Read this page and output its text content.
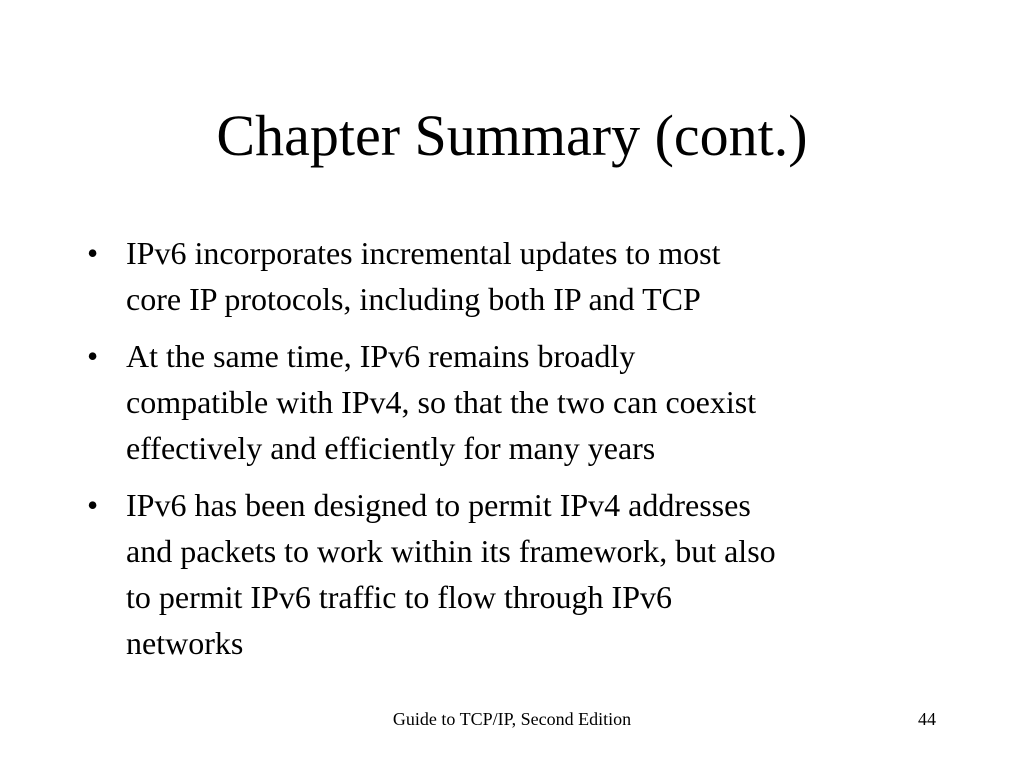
Chapter Summary (cont.)
• IPv6 incorporates incremental updates to most
core IP protocols, including both IP and TCP
• At the same time, IPv6 remains broadly
compatible with IPv4, so that the two can coexist
effectively and efficiently for many years
• IPv6 has been designed to permit IPv4 addresses
and packets to work within its framework, but also
to permit IPv6 traffic to flow through IPv6
networks
Guide to TCP/IP, Second Edition	44
